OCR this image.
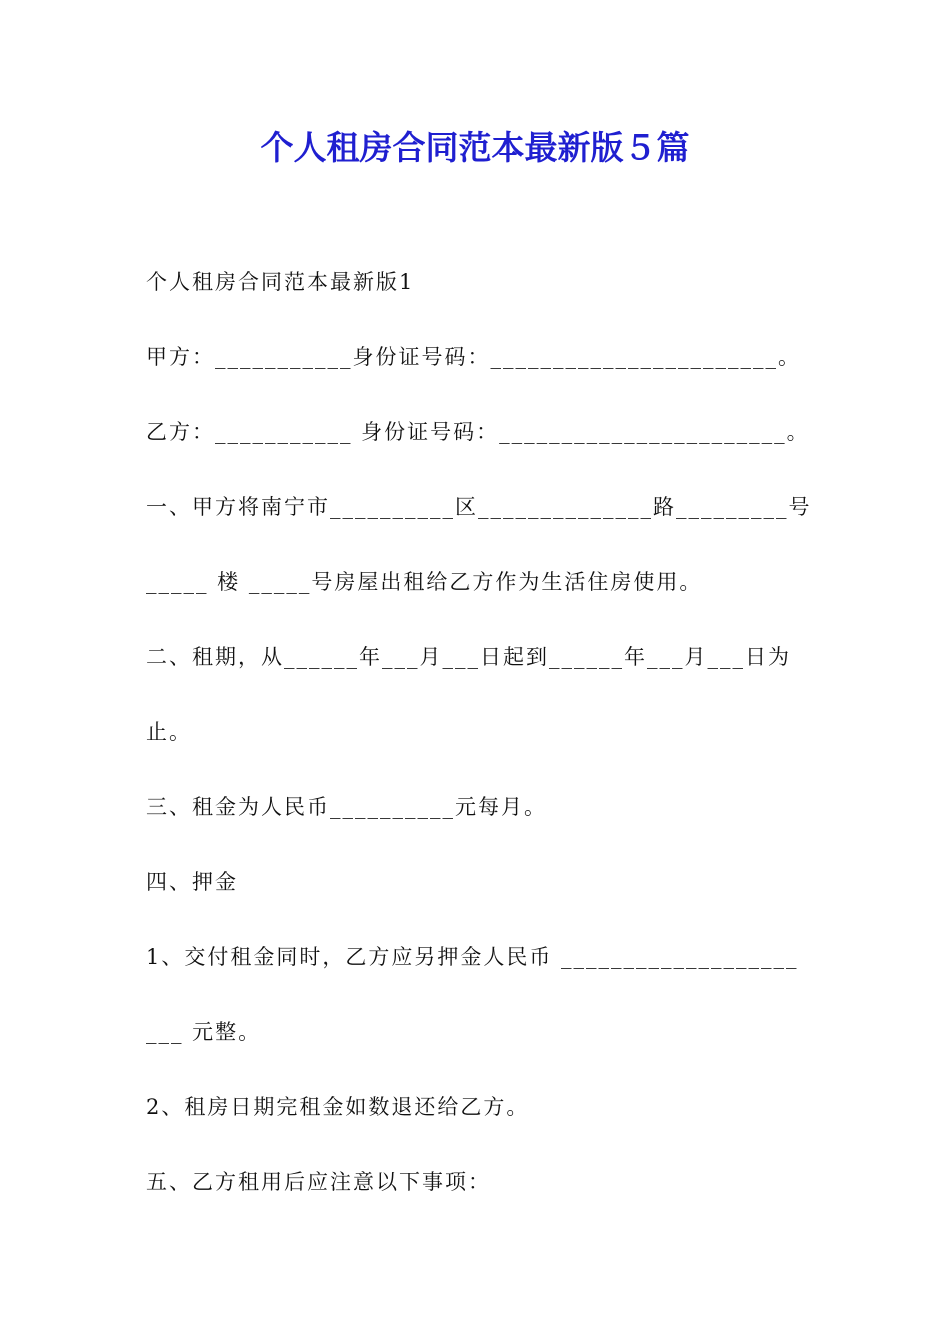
个人租房合同范本最新版５篇
个人租房合同范本最新版1
甲方：___________身份证号码：_______________________。
乙方：___________ 身份证号码：_______________________。
一、甲方将南宁市__________区______________路_________号
_____ 楼 _____号房屋出租给乙方作为生活住房使用。
二、租期，从______年___月___日起到______年___月___日为
止。
三、租金为人民币__________元每月。
四、押金
1、交付租金同时，乙方应另押金人民币 ___________________
___ 元整。
2、租房日期完租金如数退还给乙方。
五、乙方租用后应注意以下事项：
